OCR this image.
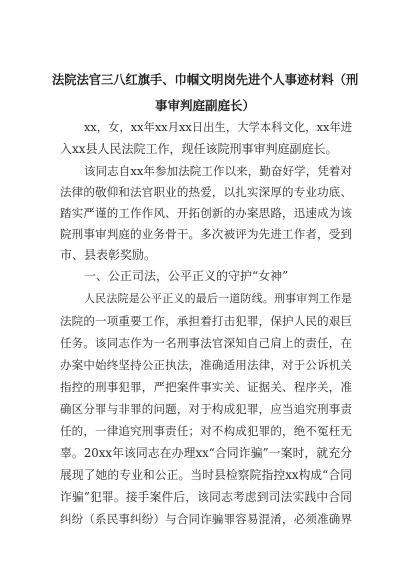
法院法官三八红旗手、巾帼文明岗先进个人事迹材料（刑
事审判庭副庭长）
xx，女，xx年xx月xx日出生，大学本科文化，xx年进
入xx县人民法院工作，现任该院刑事审判庭副庭长。
该同志自xx年参加法院工作以来，勤奋好学，凭着对
法律的敬仰和法官职业的热爱，以扎实深厚的专业功底、
踏实严谨的工作作风、开拓创新的办案思路，迅速成为该
院刑事审判庭的业务骨干。多次被评为先进工作者，受到
市、县表彰奖励。
一、公正司法，公平正义的守护“女神”
人民法院是公平正义的最后一道防线。刑事审判工作是
法院的一项重要工作，承担着打击犯罪，保护人民的艰巨
任务。该同志作为一名刑事法官深知自己肩上的责任，在
办案中始终坚持公正执法，准确适用法律，对于公诉机关
指控的刑事犯罪，严把案件事实关、证据关、程序关，准
确区分罪与非罪的问题，对于构成犯罪，应当追究刑事责
任的，一律追究刑事责任；对不构成犯罪的，绝不冤枉无
辜。20xx年该同志在办理xx“合同诈骗”一案时，就充分
展现了她的专业和公正。当时县检察院指控xx构成“合同
诈骗”犯罪。接手案件后，该同志考虑到司法实践中合同
纠纷（系民事纠纷）与合同诈骗罪容易混淆，必须准确界
